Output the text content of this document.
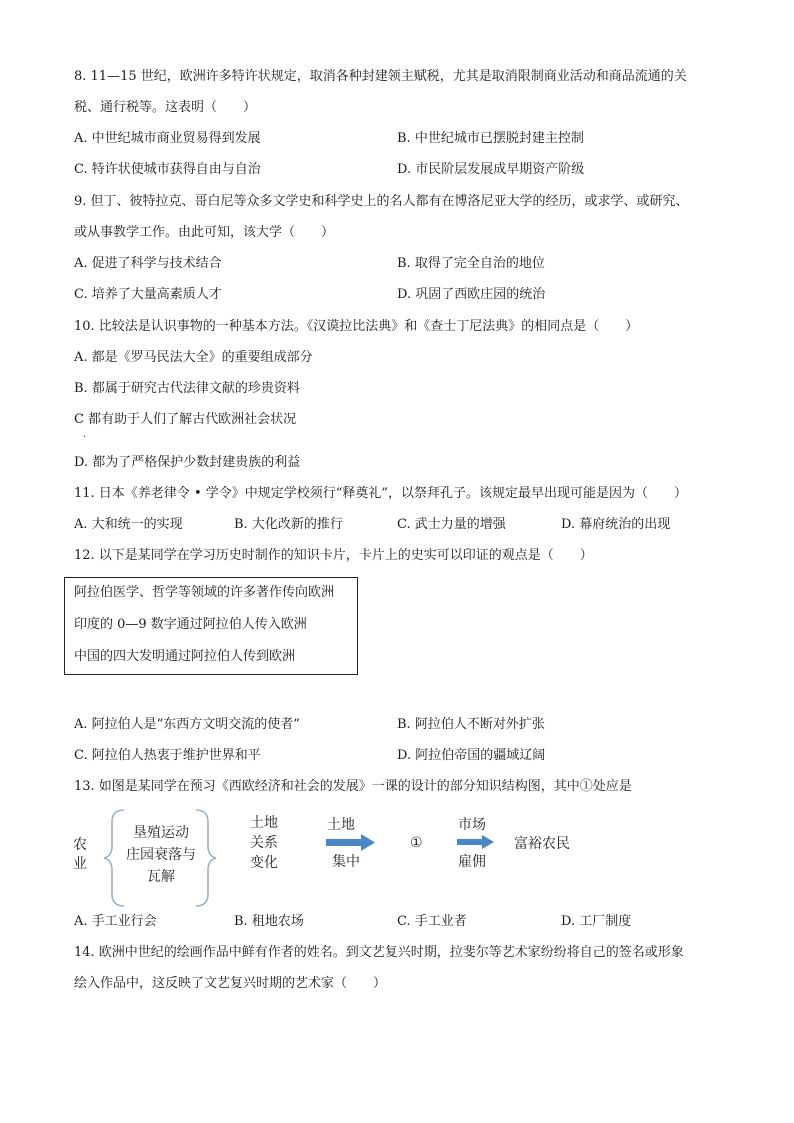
8. 11—15 世纪，欧洲许多特许状规定，取消各种封建领主赋税，尤其是取消限制商业活动和商品流通的关
税、通行税等。这表明（　　）
A. 中世纪城市商业贸易得到发展	B. 中世纪城市已摆脱封建主控制
C. 特许状使城市获得自由与自治	D. 市民阶层发展成早期资产阶级
9. 但丁、彼特拉克、哥白尼等众多文学史和科学史上的名人都有在博洛尼亚大学的经历，或求学、或研究、
或从事教学工作。由此可知，该大学（　　）
A. 促进了科学与技术结合	B. 取得了完全自治的地位
C. 培养了大量高素质人才	D. 巩固了西欧庄园的统治
10. 比较法是认识事物的一种基本方法。《汉谟拉比法典》和《查士丁尼法典》的相同点是（　　）
A. 都是《罗马民法大全》的重要组成部分
B. 都属于研究古代法律文献的珍贵资料
C 都有助于人们了解古代欧洲社会状况
.
D. 都为了严格保护少数封建贵族的利益
11. 日本《养老律令 • 学令》中规定学校须行“释奠礼”，以祭拜孔子。该规定最早出现可能是因为（　　）
A. 大和统一的实现	B. 大化改新的推行	C. 武士力量的增强	D. 幕府统治的出现
12. 以下是某同学在学习历史时制作的知识卡片，卡片上的史实可以印证的观点是（　　）
阿拉伯医学、哲学等领域的许多著作传向欧洲
印度的 0—9 数字通过阿拉伯人传入欧洲
中国的四大发明通过阿拉伯人传到欧洲
A. 阿拉伯人是“东西方文明交流的使者”	B. 阿拉伯人不断对外扩张
C. 阿拉伯人热衷于维护世界和平	D. 阿拉伯帝国的疆域辽阔
13. 如图是某同学在预习《西欧经济和社会的发展》一课的设计的部分知识结构图，其中①处应是
农业
垦殖运动
庄园衰落与
瓦解
土地
关系
变化
土地
集中
①
市场
雇佣
富裕农民
A. 手工业行会	B. 租地农场	C. 手工业者	D. 工厂制度
14. 欧洲中世纪的绘画作品中鲜有作者的姓名。到文艺复兴时期，拉斐尔等艺术家纷纷将自己的签名或形象
绘入作品中，这反映了文艺复兴时期的艺术家（　　）
